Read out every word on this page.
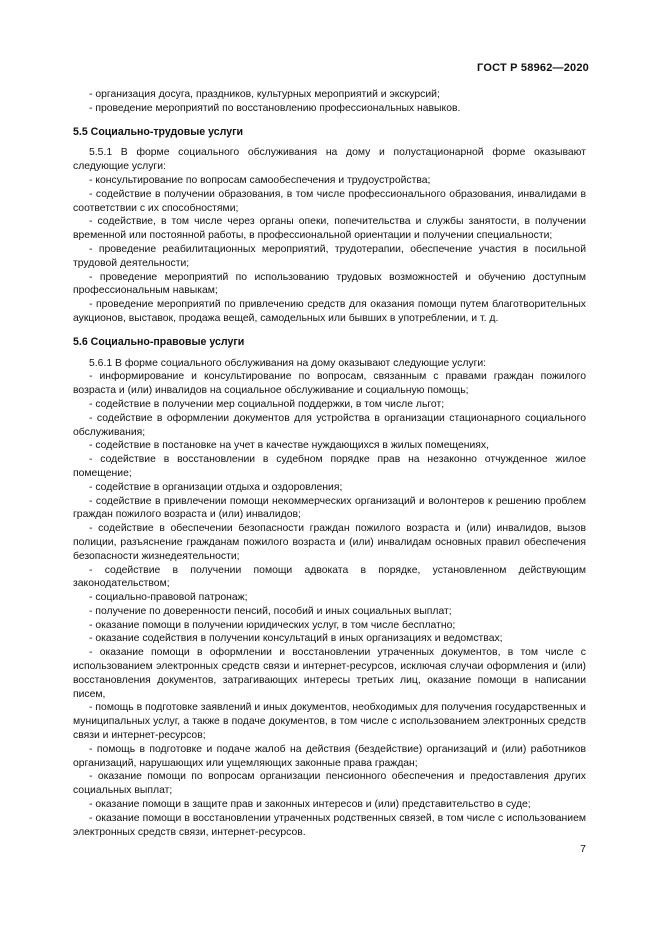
ГОСТ Р 58962—2020

- организация досуга, праздников, культурных мероприятий и экскурсий;

- проведение мероприятий по восстановлению профессиональных навыков.

5.5 Социально-трудовые услуги

5.5.1 В форме социального обслуживания на дому и полустационарной форме оказывают следующие услуги:

- консультирование по вопросам самообеспечения и трудоустройства;

- содействие в получении образования, в том числе профессионального образования, инвалидами в соответствии с их способностями;

- содействие, в том числе через органы опеки, попечительства и службы занятости, в получении временной или постоянной работы, в профессиональной ориентации и получении специальности;

- проведение реабилитационных мероприятий, трудотерапии, обеспечение участия в посильной трудовой деятельности;

- проведение мероприятий по использованию трудовых возможностей и обучению доступным профессиональным навыкам;

- проведение мероприятий по привлечению средств для оказания помощи путем благотворительных аукционов, выставок, продажа вещей, самодельных или бывших в употреблении, и т. д.

5.6 Социально-правовые услуги

5.6.1 В форме социального обслуживания на дому оказывают следующие услуги:

- информирование и консультирование по вопросам, связанным с правами граждан пожилого возраста и (или) инвалидов на социальное обслуживание и социальную помощь;

- содействие в получении мер социальной поддержки, в том числе льгот;

- содействие в оформлении документов для устройства в организации стационарного социального обслуживания;

- содействие в постановке на учет в качестве нуждающихся в жилых помещениях,

- содействие в восстановлении в судебном порядке прав на незаконно отчужденное жилое помещение;

- содействие в организации отдыха и оздоровления;

- содействие в привлечении помощи некоммерческих организаций и волонтеров к решению проблем граждан пожилого возраста и (или) инвалидов;

- содействие в обеспечении безопасности граждан пожилого возраста и (или) инвалидов, вызов полиции, разъяснение гражданам пожилого возраста и (или) инвалидам основных правил обеспечения безопасности жизнедеятельности;

- содействие в получении помощи адвоката в порядке, установленном действующим законодательством;

- социально-правовой патронаж;

- получение по доверенности пенсий, пособий и иных социальных выплат;

- оказание помощи в получении юридических услуг, в том числе бесплатно;

- оказание содействия в получении консультаций в иных организациях и ведомствах;

- оказание помощи в оформлении и восстановлении утраченных документов, в том числе с использованием электронных средств связи и интернет-ресурсов, исключая случаи оформления и (или) восстановления документов, затрагивающих интересы третьих лиц, оказание помощи в написании писем,

- помощь в подготовке заявлений и иных документов, необходимых для получения государственных и муниципальных услуг, а также в подаче документов, в том числе с использованием электронных средств связи и интернет-ресурсов;

- помощь в подготовке и подаче жалоб на действия (бездействие) организаций и (или) работников организаций, нарушающих или ущемляющих законные права граждан;

- оказание помощи по вопросам организации пенсионного обеспечения и предоставления других социальных выплат;

- оказание помощи в защите прав и законных интересов и (или) представительство в суде;

- оказание помощи в восстановлении утраченных родственных связей, в том числе с использованием электронных средств связи, интернет-ресурсов.

7
